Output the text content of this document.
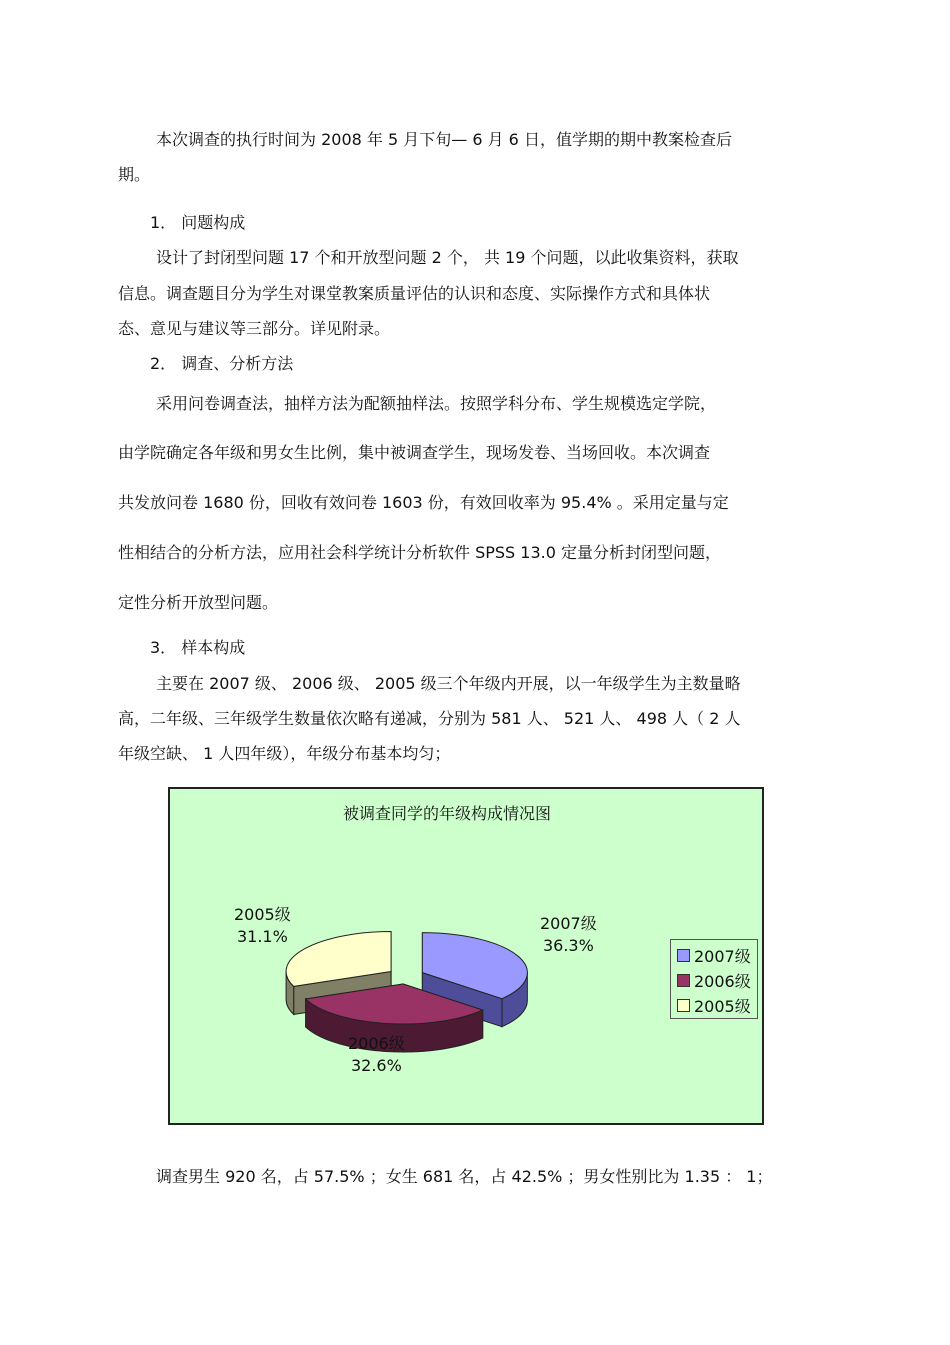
本次调查的执行时间为 2008 年 5 月下旬— 6 月 6 日，值学期的期中教案检查后
期。
1． 问题构成
设计了封闭型问题 17 个和开放型问题 2 个， 共 19 个问题，以此收集资料，获取
信息。调查题目分为学生对课堂教案质量评估的认识和态度、实际操作方式和具体状
态、意见与建议等三部分。详见附录。
2． 调查、分析方法
采用问卷调查法，抽样方法为配额抽样法。按照学科分布、学生规模选定学院，
由学院确定各年级和男女生比例，集中被调查学生，现场发卷、当场回收。本次调查
共发放问卷 1680 份，回收有效问卷 1603 份，有效回收率为 95.4% 。采用定量与定
性相结合的分析方法，应用社会科学统计分析软件 SPSS 13.0 定量分析封闭型问题，
定性分析开放型问题。
3． 样本构成
主要在 2007 级、 2006 级、 2005 级三个年级内开展，以一年级学生为主数量略
高，二年级、三年级学生数量依次略有递减，分别为 581 人、 521 人、 498 人（ 2 人
年级空缺、 1 人四年级），年级分布基本均匀；
被调查同学的年级构成情况图
2007级
36.3%
2006级
32.6%
2005级
31.1%
2007级
2006级
2005级
调查男生 920 名，占 57.5% ；女生 681 名，占 42.5% ；男女性别比为 1.35 ： 1；
